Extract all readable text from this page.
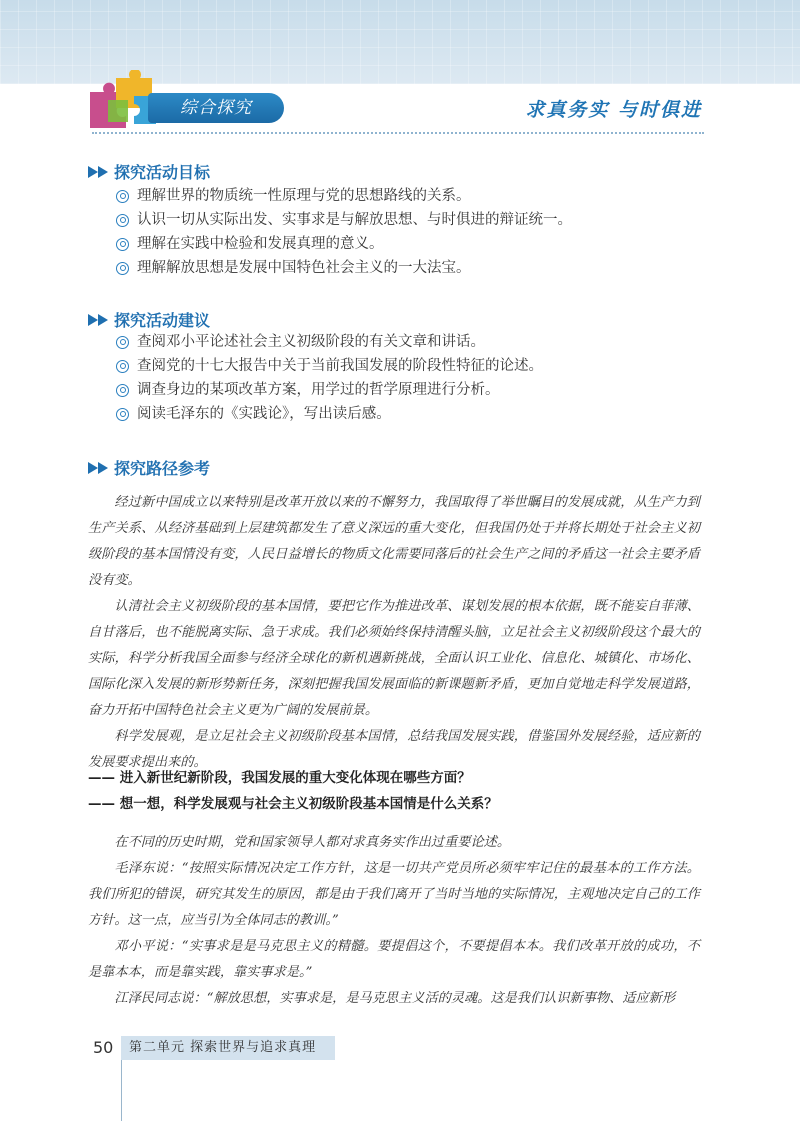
综合探究	求真务实 与时俱进
探究活动目标
理解世界的物质统一性原理与党的思想路线的关系。
认识一切从实际出发、实事求是与解放思想、与时俱进的辩证统一。
理解在实践中检验和发展真理的意义。
理解解放思想是发展中国特色社会主义的一大法宝。
探究活动建议
查阅邓小平论述社会主义初级阶段的有关文章和讲话。
查阅党的十七大报告中关于当前我国发展的阶段性特征的论述。
调查身边的某项改革方案，用学过的哲学原理进行分析。
阅读毛泽东的《实践论》，写出读后感。
探究路径参考

经过新中国成立以来特别是改革开放以来的不懈努力，我国取得了举世瞩目的发展成就，从生产力到生产关系、从经济基础到上层建筑都发生了意义深远的重大变化，但我国仍处于并将长期处于社会主义初级阶段的基本国情没有变，人民日益增长的物质文化需要同落后的社会生产之间的矛盾这一社会主要矛盾没有变。

认清社会主义初级阶段的基本国情，要把它作为推进改革、谋划发展的根本依据，既不能妄自菲薄、自甘落后，也不能脱离实际、急于求成。我们必须始终保持清醒头脑，立足社会主义初级阶段这个最大的实际，科学分析我国全面参与经济全球化的新机遇新挑战，全面认识工业化、信息化、城镇化、市场化、国际化深入发展的新形势新任务，深刻把握我国发展面临的新课题新矛盾，更加自觉地走科学发展道路，奋力开拓中国特色社会主义更为广阔的发展前景。

科学发展观，是立足社会主义初级阶段基本国情，总结我国发展实践，借鉴国外发展经验，适应新的发展要求提出来的。

—— 进入新世纪新阶段，我国发展的重大变化体现在哪些方面？
—— 想一想，科学发展观与社会主义初级阶段基本国情是什么关系？

在不同的历史时期，党和国家领导人都对求真务实作出过重要论述。

毛泽东说：“按照实际情况决定工作方针，这是一切共产党员所必须牢牢记住的最基本的工作方法。我们所犯的错误，研究其发生的原因，都是由于我们离开了当时当地的实际情况，主观地决定自己的工作方针。这一点，应当引为全体同志的教训。”

邓小平说：“实事求是是马克思主义的精髓。要提倡这个，不要提倡本本。我们改革开放的成功，不是靠本本，而是靠实践，靠实事求是。”

江泽民同志说：“解放思想，实事求是，是马克思主义活的灵魂。这是我们认识新事物、适应新形

50	第二单元 探索世界与追求真理
